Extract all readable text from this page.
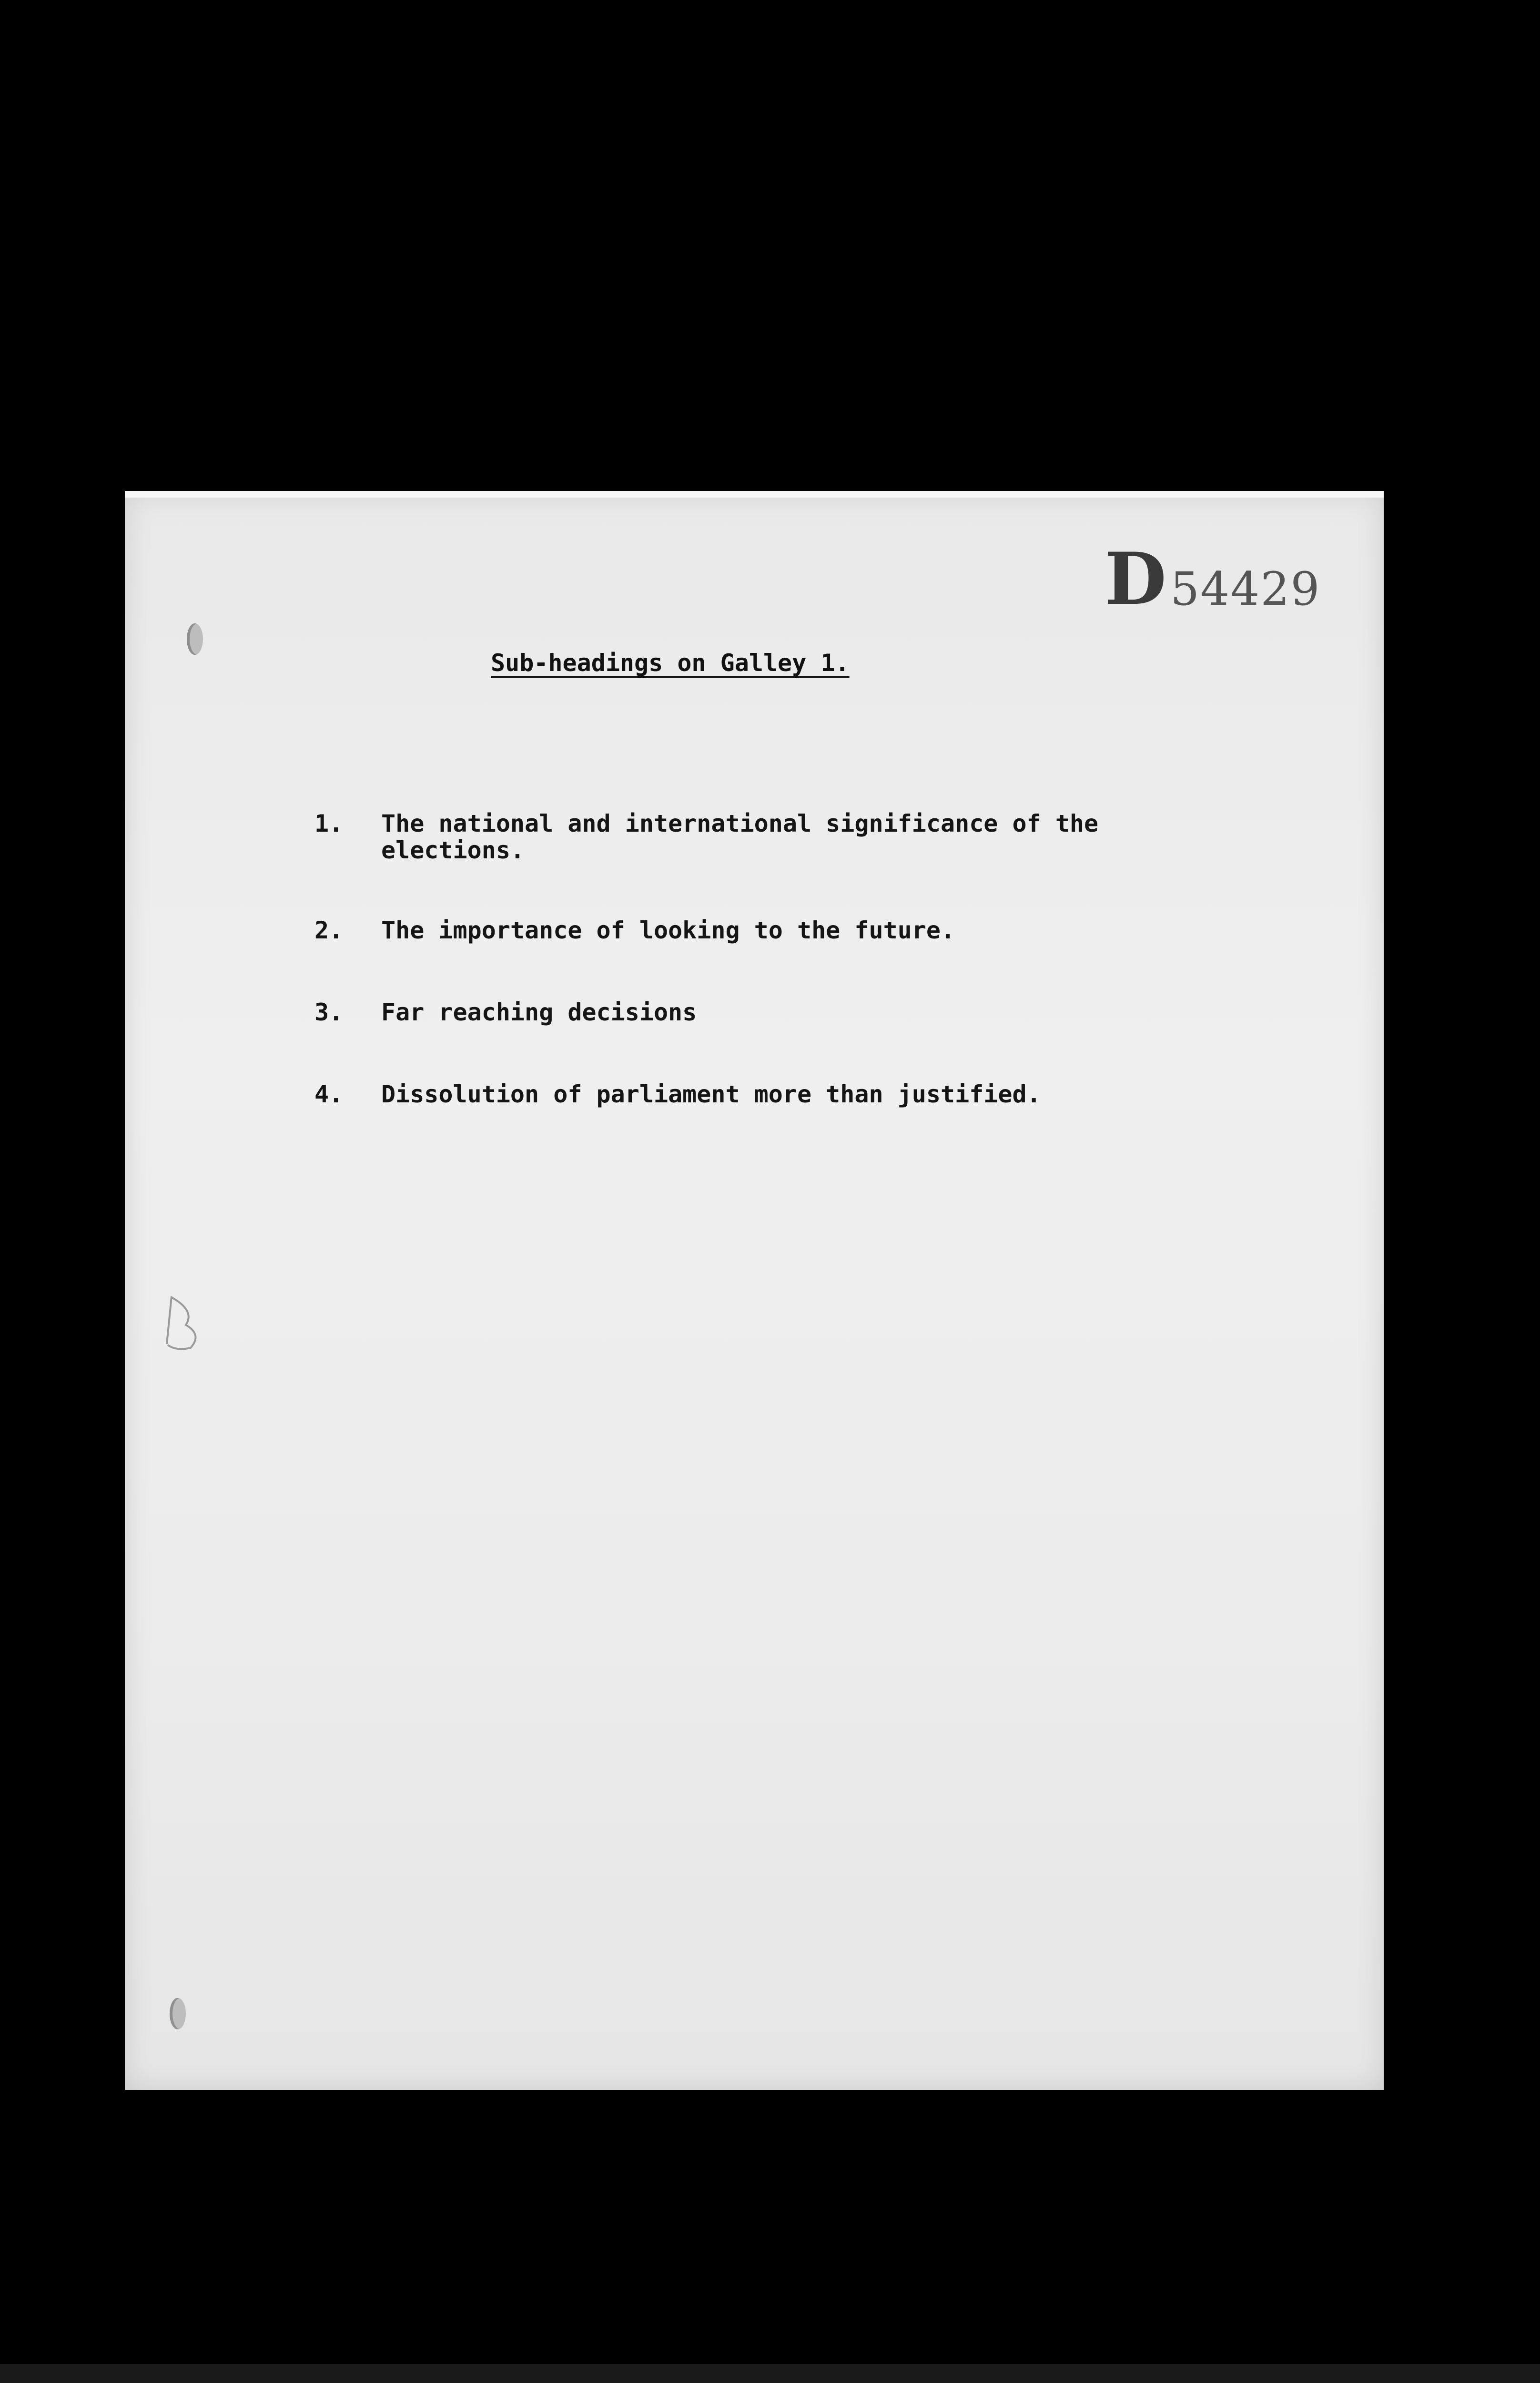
D 54429
Sub-headings on Galley 1.
1.	The national and international significance of the elections.
2.	The importance of looking to the future.
3.	Far reaching decisions
4.	Dissolution of parliament more than justified.
